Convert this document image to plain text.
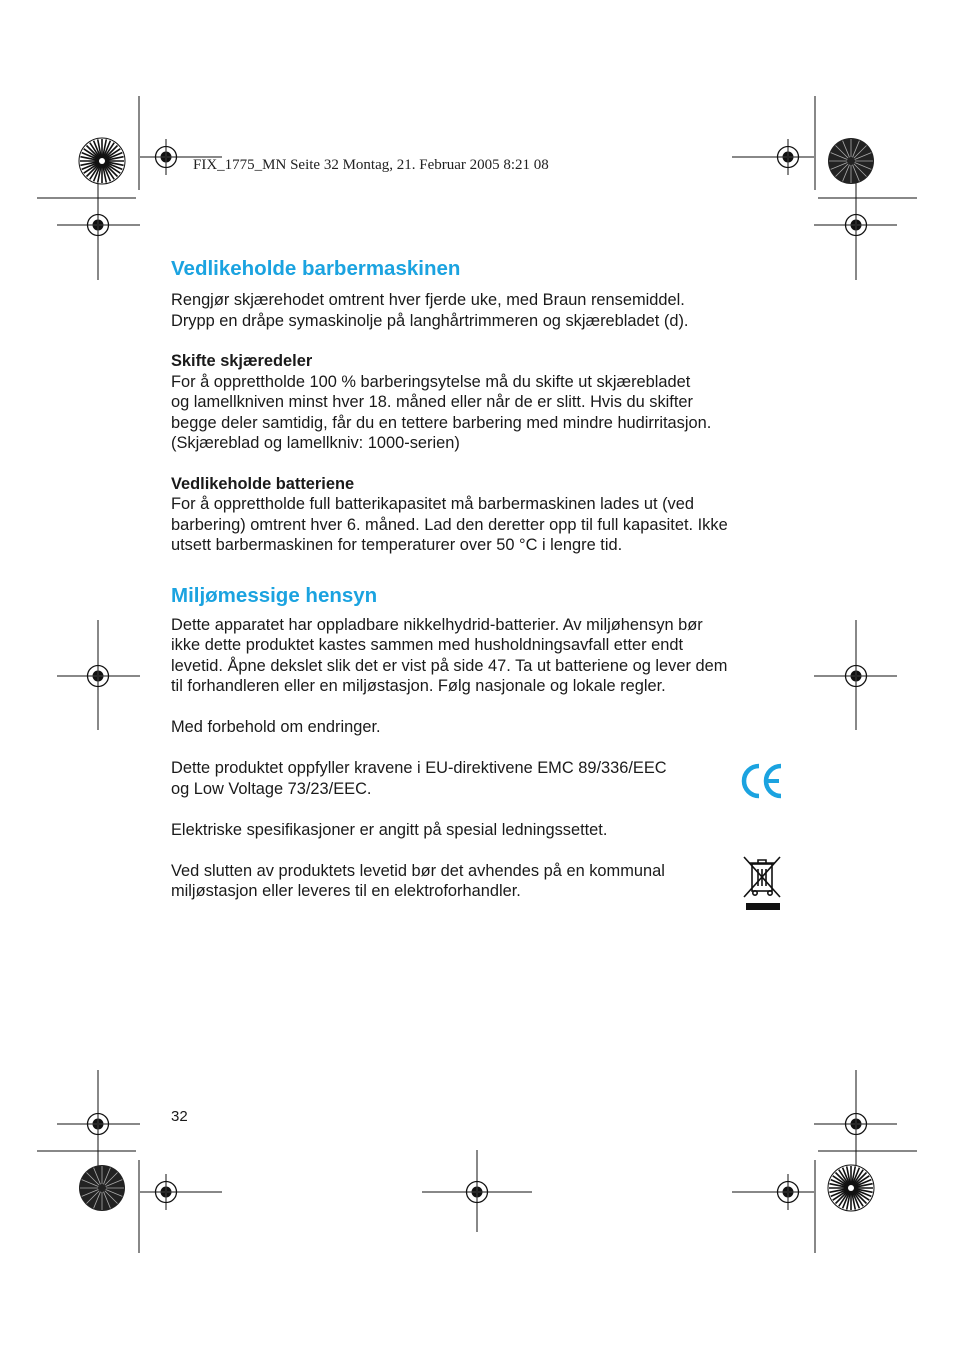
FIX_1775_MN Seite 32 Montag, 21. Februar 2005 8:21 08
Vedlikeholde barbermaskinen

Rengjør skjærehodet omtrent hver fjerde uke, med Braun rensemiddel.

Drypp en dråpe symaskinolje på langhårtrimmeren og skjærebladet (d).

Skifte skjæredeler

For å opprettholde 100 % barberingsytelse må du skifte ut skjærebladet

og lamellkniven minst hver 18. måned eller når de er slitt. Hvis du skifter

begge deler samtidig, får du en tettere barbering med mindre hudirritasjon.

(Skjæreblad og lamellkniv: 1000-serien)

Vedlikeholde batteriene

For å opprettholde full batterikapasitet må barbermaskinen lades ut (ved

barbering) omtrent hver 6. måned. Lad den deretter opp til full kapasitet. Ikke

utsett barbermaskinen for temperaturer over 50 °C i lengre tid.

Miljømessige hensyn

Dette apparatet har oppladbare nikkelhydrid-batterier. Av miljøhensyn bør

ikke dette produktet kastes sammen med husholdningsavfall etter endt

levetid. Åpne dekslet slik det er vist på side 47. Ta ut batteriene og lever dem

til forhandleren eller en miljøstasjon. Følg nasjonale og lokale regler.

Med forbehold om endringer.

Dette produktet oppfyller kravene i EU-direktivene EMC 89/336/EEC

og Low Voltage 73/23/EEC.

Elektriske spesifikasjoner er angitt på spesial ledningssettet.

Ved slutten av produktets levetid bør det avhendes på en kommunal

miljøstasjon eller leveres til en elektroforhandler.

32
